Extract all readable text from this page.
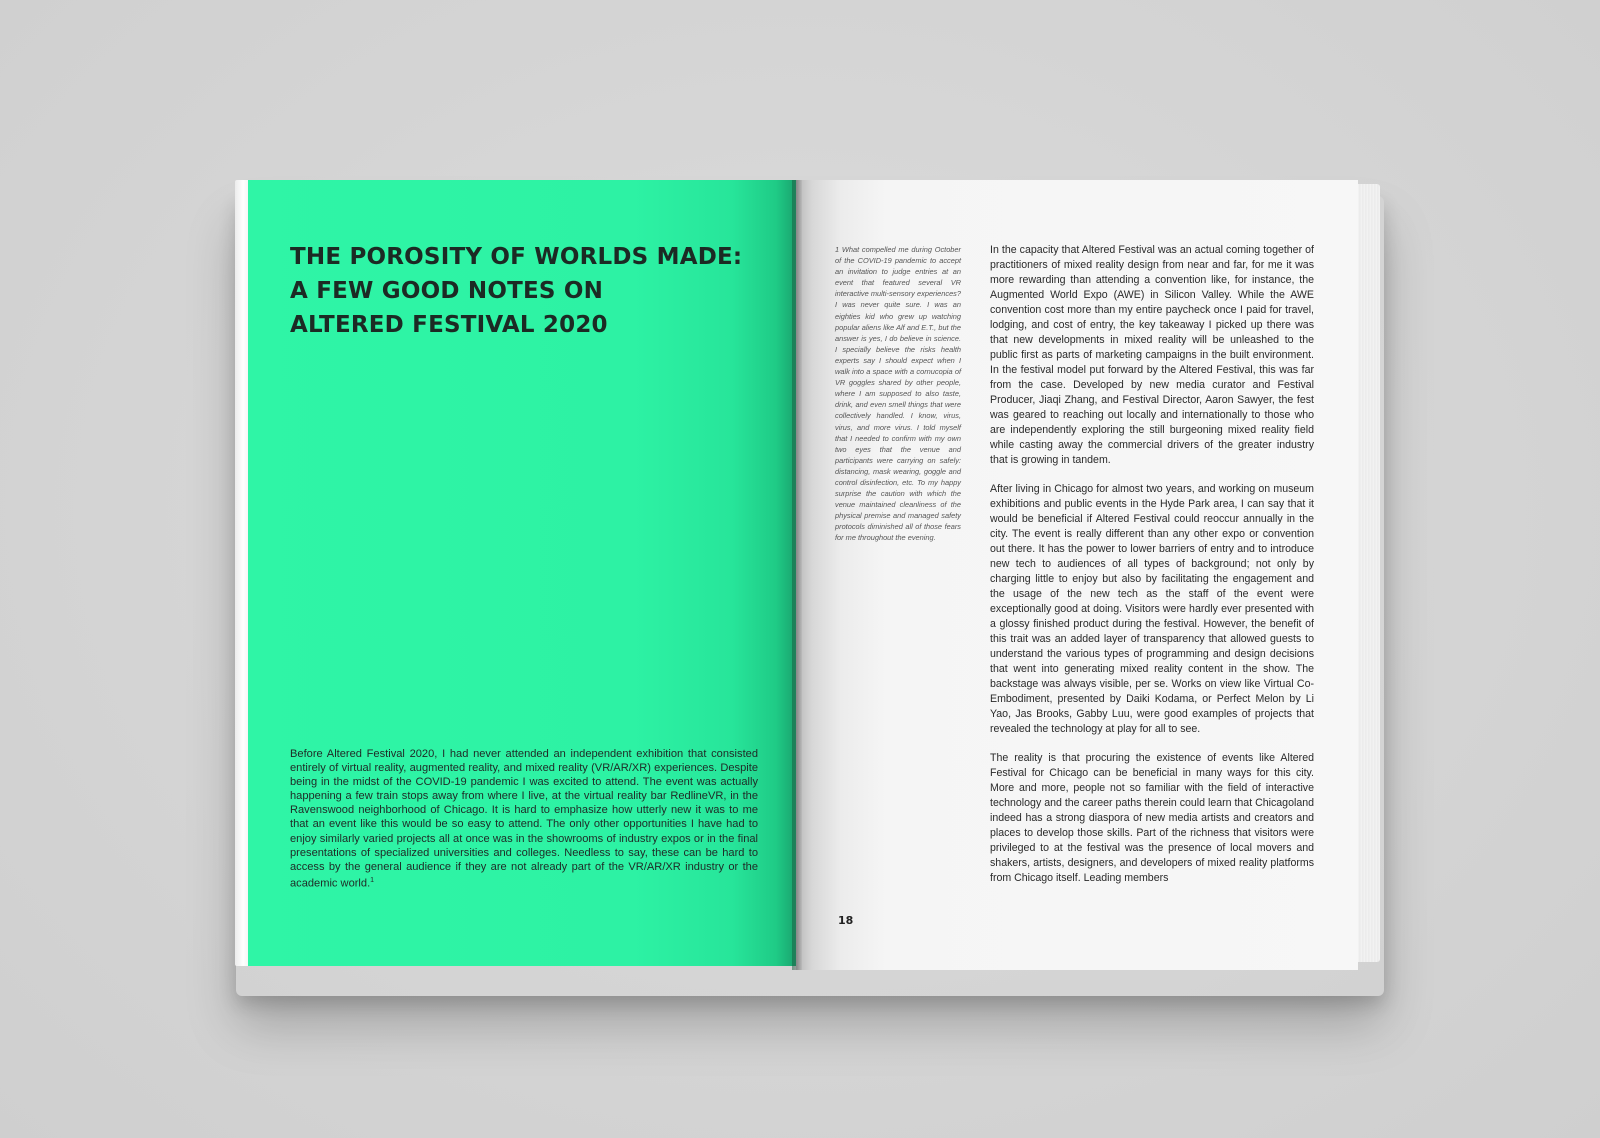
THE POROSITY OF WORLDS MADE:
A FEW GOOD NOTES ON
ALTERED FESTIVAL 2020

Before Altered Festival 2020, I had never attended an independent exhibition that consisted entirely of virtual reality, augmented reality, and mixed reality (VR/AR/XR) experiences. Despite being in the midst of the COVID-19 pandemic I was excited to attend. The event was actually happening a few train stops away from where I live, at the virtual reality bar RedlineVR, in the Ravenswood neighborhood of Chicago. It is hard to emphasize how utterly new it was to me that an event like this would be so easy to attend. The only other opportunities I have had to enjoy similarly varied projects all at once was in the showrooms of industry expos or in the final presentations of specialized universities and colleges. Needless to say, these can be hard to access by the general audience if they are not already part of the VR/AR/XR industry or the academic world.$^1$

1 What compelled me during October of the COVID-19 pandemic to accept an invitation to judge entries at an event that featured several VR interactive multi-sensory experiences? I was never quite sure. I was an eighties kid who grew up watching popular aliens like Alf and E.T., but the answer is yes, I do believe in science. I specially believe the risks health experts say I should expect when I walk into a space with a cornucopia of VR goggles shared by other people, where I am supposed to also taste, drink, and even smell things that were collectively handled. I know, virus, virus, and more virus. I told myself that I needed to confirm with my own two eyes that the venue and participants were carrying on safely: distancing, mask wearing, goggle and control disinfection, etc. To my happy surprise the caution with which the venue maintained cleanliness of the physical premise and managed safety protocols diminished all of those fears for me throughout the evening.

In the capacity that Altered Festival was an actual coming together of practitioners of mixed reality design from near and far, for me it was more rewarding than attending a convention like, for instance, the Augmented World Expo (AWE) in Silicon Valley. While the AWE convention cost more than my entire paycheck once I paid for travel, lodging, and cost of entry, the key takeaway I picked up there was that new developments in mixed reality will be unleashed to the public first as parts of marketing campaigns in the built environment. In the festival model put forward by the Altered Festival, this was far from the case. Developed by new media curator and Festival Producer, Jiaqi Zhang, and Festival Director, Aaron Sawyer, the fest was geared to reaching out locally and internationally to those who are independently exploring the still burgeoning mixed reality field while casting away the commercial drivers of the greater industry that is growing in tandem.

After living in Chicago for almost two years, and working on museum exhibitions and public events in the Hyde Park area, I can say that it would be beneficial if Altered Festival could reoccur annually in the city. The event is really different than any other expo or convention out there. It has the power to lower barriers of entry and to introduce new tech to audiences of all types of background; not only by charging little to enjoy but also by facilitating the engagement and the usage of the new tech as the staff of the event were exceptionally good at doing. Visitors were hardly ever presented with a glossy finished product during the festival. However, the benefit of this trait was an added layer of transparency that allowed guests to understand the various types of programming and design decisions that went into generating mixed reality content in the show. The backstage was always visible, per se. Works on view like Virtual Co-Embodiment, presented by Daiki Kodama, or Perfect Melon by Li Yao, Jas Brooks, Gabby Luu, were good examples of projects that revealed the technology at play for all to see.

The reality is that procuring the existence of events like Altered Festival for Chicago can be beneficial in many ways for this city. More and more, people not so familiar with the field of interactive technology and the career paths therein could learn that Chicagoland indeed has a strong diaspora of new media artists and creators and places to develop those skills. Part of the richness that visitors were privileged to at the festival was the presence of local movers and shakers, artists, designers, and developers of mixed reality platforms from Chicago itself. Leading members

18
